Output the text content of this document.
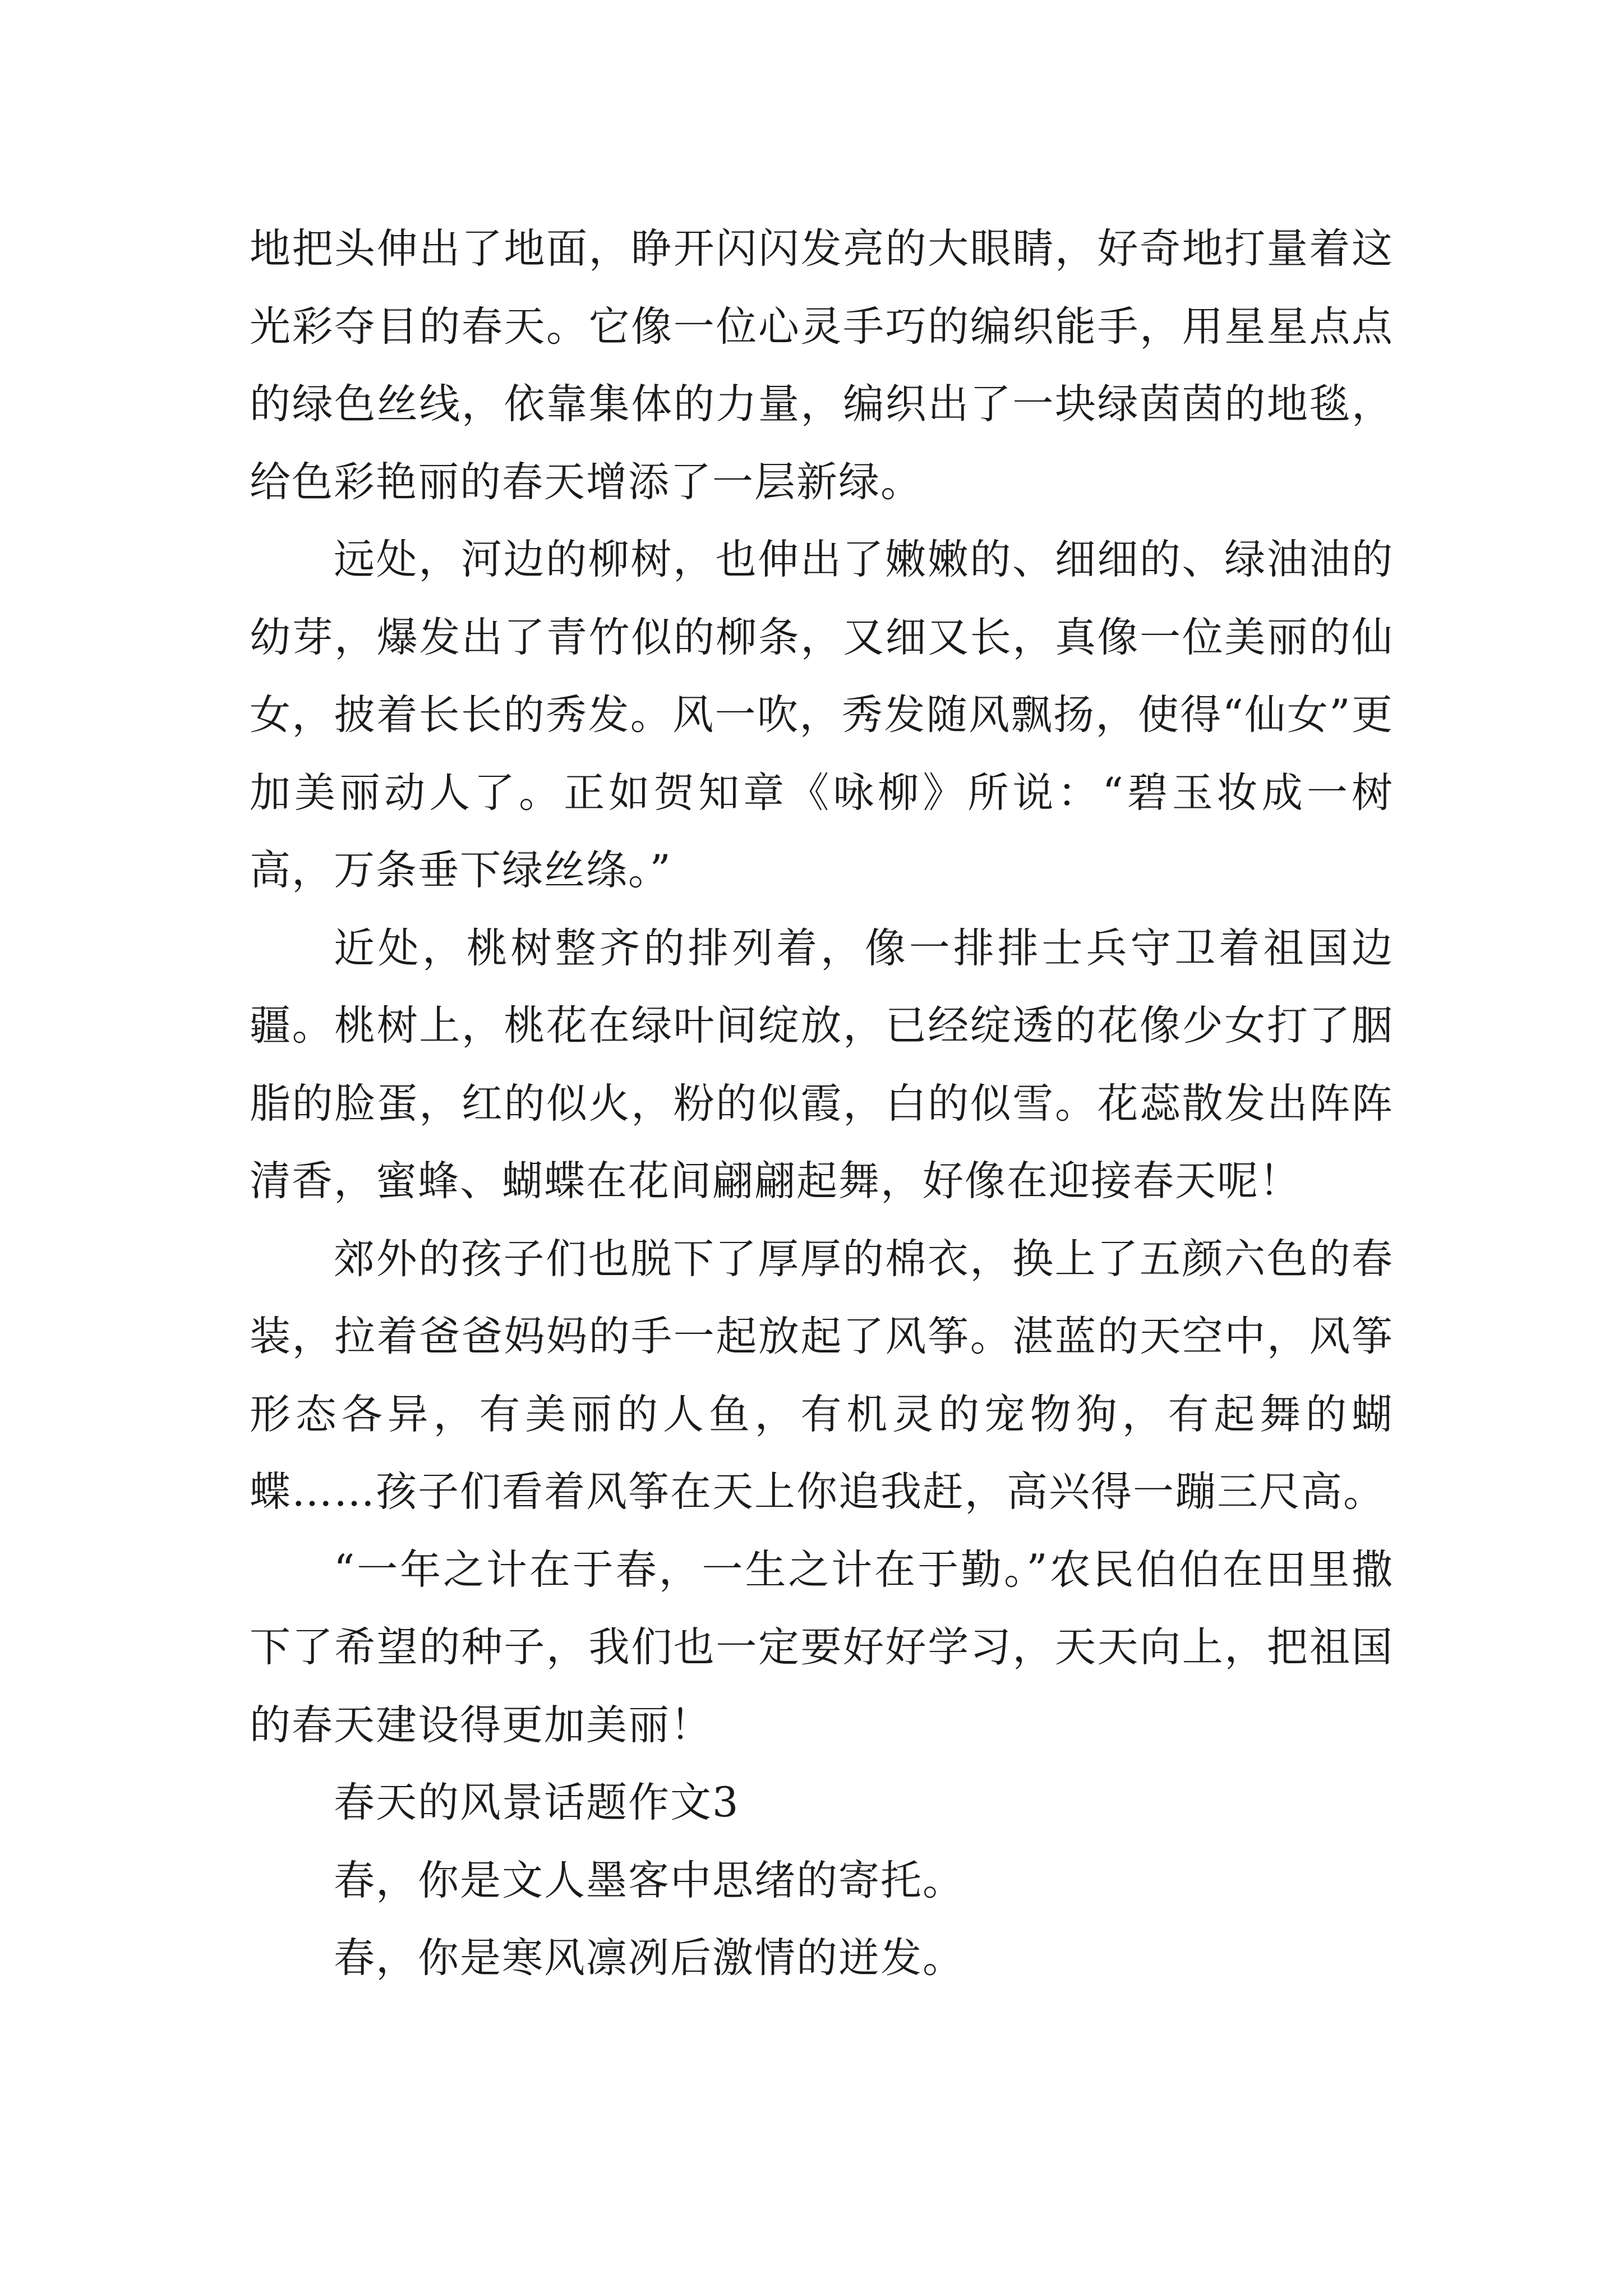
地把头伸出了地面，睁开闪闪发亮的大眼睛，好奇地打量着这光彩夺目的春天。它像一位心灵手巧的编织能手，用星星点点的绿色丝线，依靠集体的力量，编织出了一块绿茵茵的地毯，给色彩艳丽的春天增添了一层新绿。

远处，河边的柳树，也伸出了嫩嫩的、细细的、绿油油的幼芽，爆发出了青竹似的柳条，又细又长，真像一位美丽的仙女，披着长长的秀发。风一吹，秀发随风飘扬，使得“仙女”更加美丽动人了。正如贺知章《咏柳》所说：“碧玉妆成一树高，万条垂下绿丝绦。”

近处，桃树整齐的排列着，像一排排士兵守卫着祖国边疆。桃树上，桃花在绿叶间绽放，已经绽透的花像少女打了胭脂的脸蛋，红的似火，粉的似霞，白的似雪。花蕊散发出阵阵清香，蜜蜂、蝴蝶在花间翩翩起舞，好像在迎接春天呢！

郊外的孩子们也脱下了厚厚的棉衣，换上了五颜六色的春装，拉着爸爸妈妈的手一起放起了风筝。湛蓝的天空中，风筝形态各异，有美丽的人鱼，有机灵的宠物狗，有起舞的蝴蝶……孩子们看着风筝在天上你追我赶，高兴得一蹦三尺高。

“一年之计在于春，一生之计在于勤。”农民伯伯在田里撒下了希望的种子，我们也一定要好好学习，天天向上，把祖国的春天建设得更加美丽！

春天的风景话题作文3

春，你是文人墨客中思绪的寄托。

春，你是寒风凛冽后激情的迸发。
